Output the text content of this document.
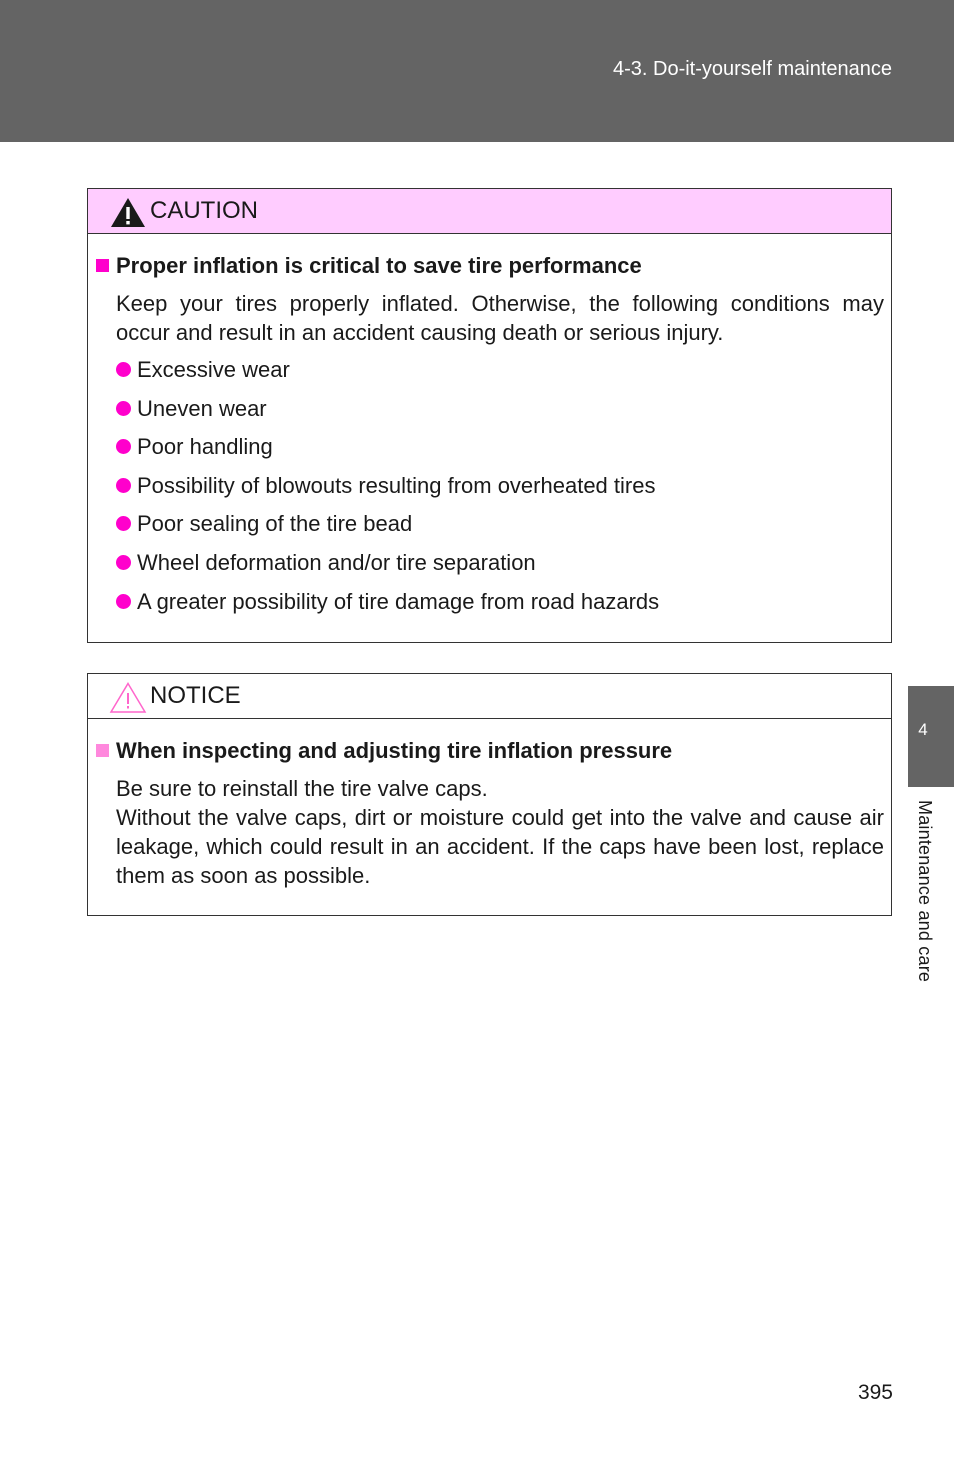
4-3. Do-it-yourself maintenance
4
Maintenance and care
CAUTION
Proper inflation is critical to save tire performance
Keep your tires properly inflated. Otherwise, the following conditions may occur and result in an accident causing death or serious injury.
Excessive wear
Uneven wear
Poor handling
Possibility of blowouts resulting from overheated tires
Poor sealing of the tire bead
Wheel deformation and/or tire separation
A greater possibility of tire damage from road hazards
NOTICE
When inspecting and adjusting tire inflation pressure
Be sure to reinstall the tire valve caps.
Without the valve caps, dirt or moisture could get into the valve and cause air leakage, which could result in an accident. If the caps have been lost, replace them as soon as possible.
395
